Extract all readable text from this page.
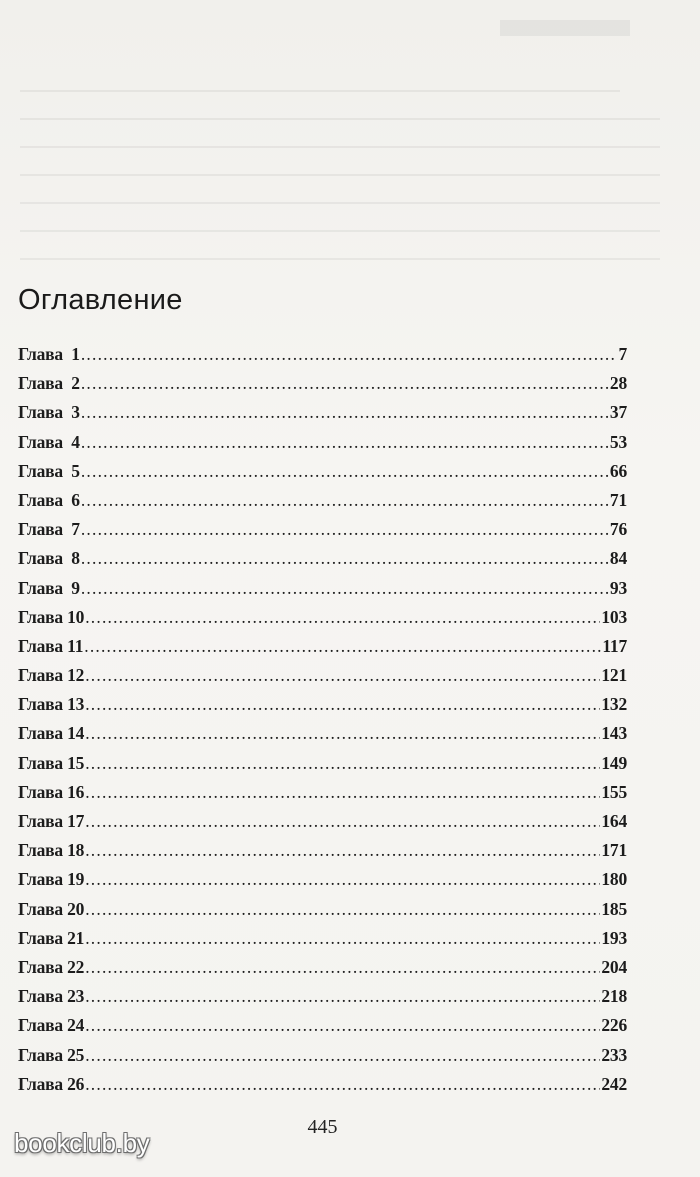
Оглавление
Глава  1 .....	7
Глава  2 .....	28
Глава  3 .....	37
Глава  4 .....	53
Глава  5 .....	66
Глава  6 .....	71
Глава  7 .....	76
Глава  8 .....	84
Глава  9 .....	93
Глава 10 .....	103
Глава 11 .....	117
Глава 12 .....	121
Глава 13 .....	132
Глава 14 .....	143
Глава 15 .....	149
Глава 16 .....	155
Глава 17 .....	164
Глава 18 .....	171
Глава 19 .....	180
Глава 20 .....	185
Глава 21 .....	193
Глава 22 .....	204
Глава 23 .....	218
Глава 24 .....	226
Глава 25 .....	233
Глава 26 .....	242
445
bookclub.by
